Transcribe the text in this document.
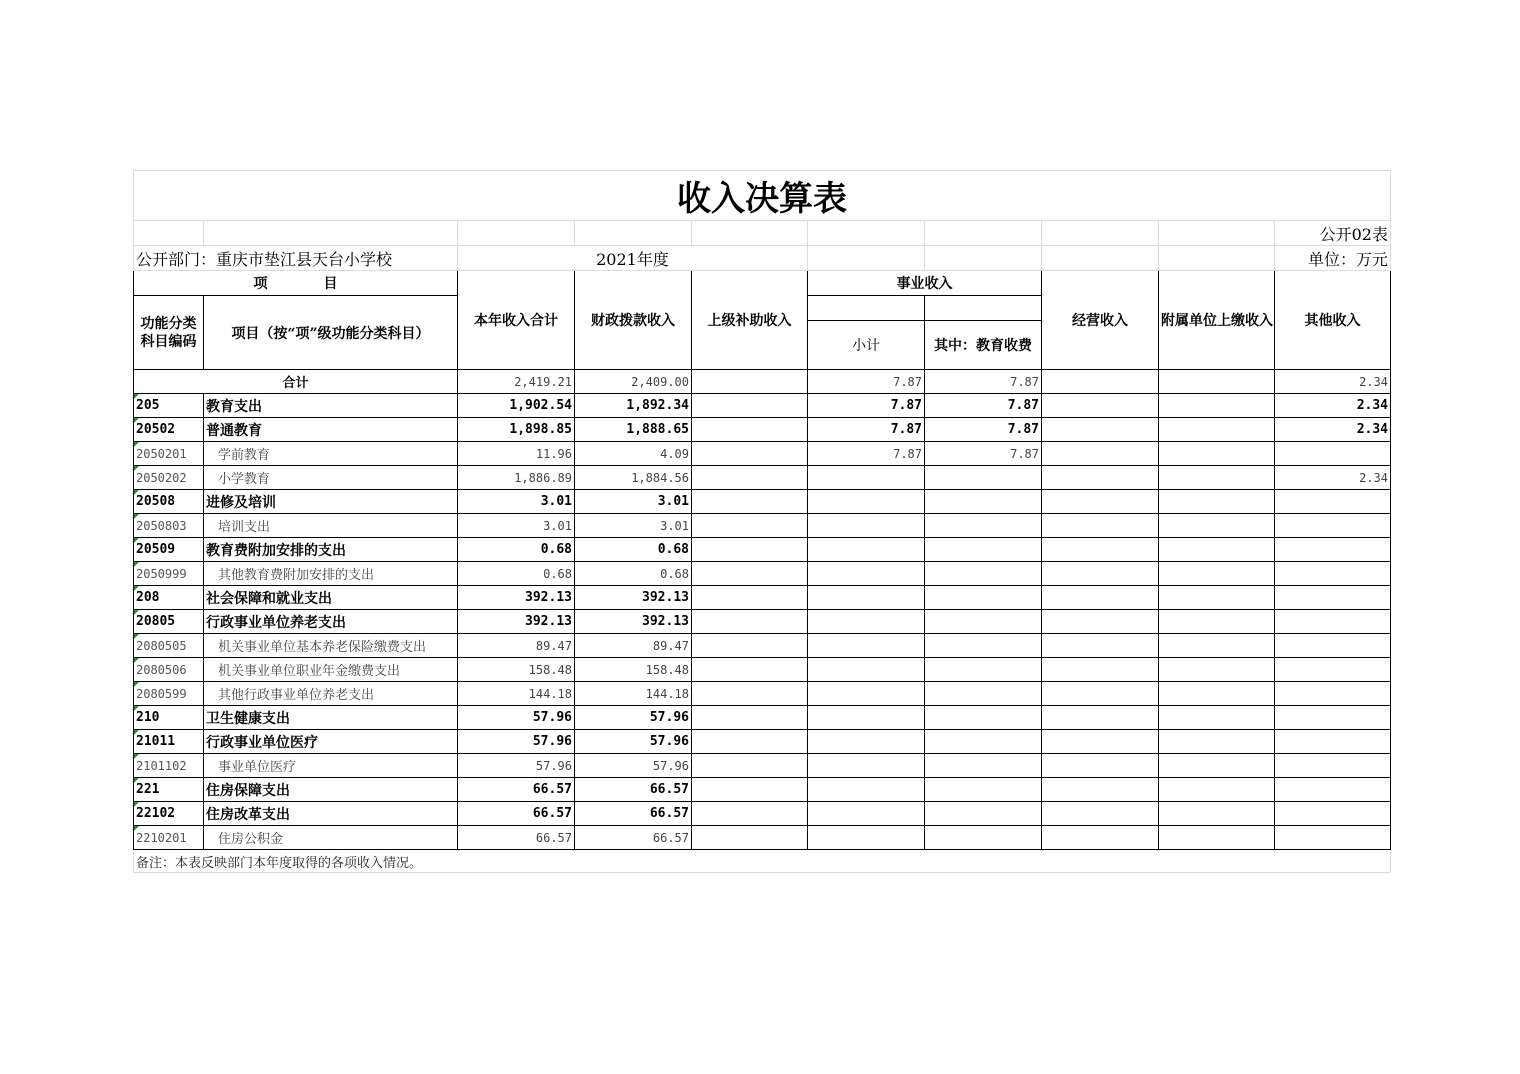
收入决算表									
									公开02表
公开部门：重庆市垫江县天台小学校		2021年度							单位：万元
项　　　　目		本年收入合计	财政拨款收入	上级补助收入	事业收入		经营收入	附属单位上缴收入	其他收入
功能分类
科目编码	项目（按“项”级功能分类科目）								
					小计	其中：教育收费			
合计		2,419.21	2,409.00		7.87	7.87			2.34

205	教育支出	1,902.54	1,892.34		7.87	7.87			2.34

20502	普通教育	1,898.85	1,888.65		7.87	7.87			2.34

2050201	学前教育	11.96	4.09		7.87	7.87			

2050202	小学教育	1,886.89	1,884.56						2.34

20508	进修及培训	3.01	3.01						

2050803	培训支出	3.01	3.01						

20509	教育费附加安排的支出	0.68	0.68						

2050999	其他教育费附加安排的支出	0.68	0.68						

208	社会保障和就业支出	392.13	392.13						

20805	行政事业单位养老支出	392.13	392.13						

2080505	机关事业单位基本养老保险缴费支出	89.47	89.47						

2080506	机关事业单位职业年金缴费支出	158.48	158.48						

2080599	其他行政事业单位养老支出	144.18	144.18						

210	卫生健康支出	57.96	57.96						

21011	行政事业单位医疗	57.96	57.96						

2101102	事业单位医疗	57.96	57.96						

221	住房保障支出	66.57	66.57						

22102	住房改革支出	66.57	66.57						

2210201	住房公积金	66.57	66.57						
备注：本表反映部门本年度取得的各项收入情况。									
